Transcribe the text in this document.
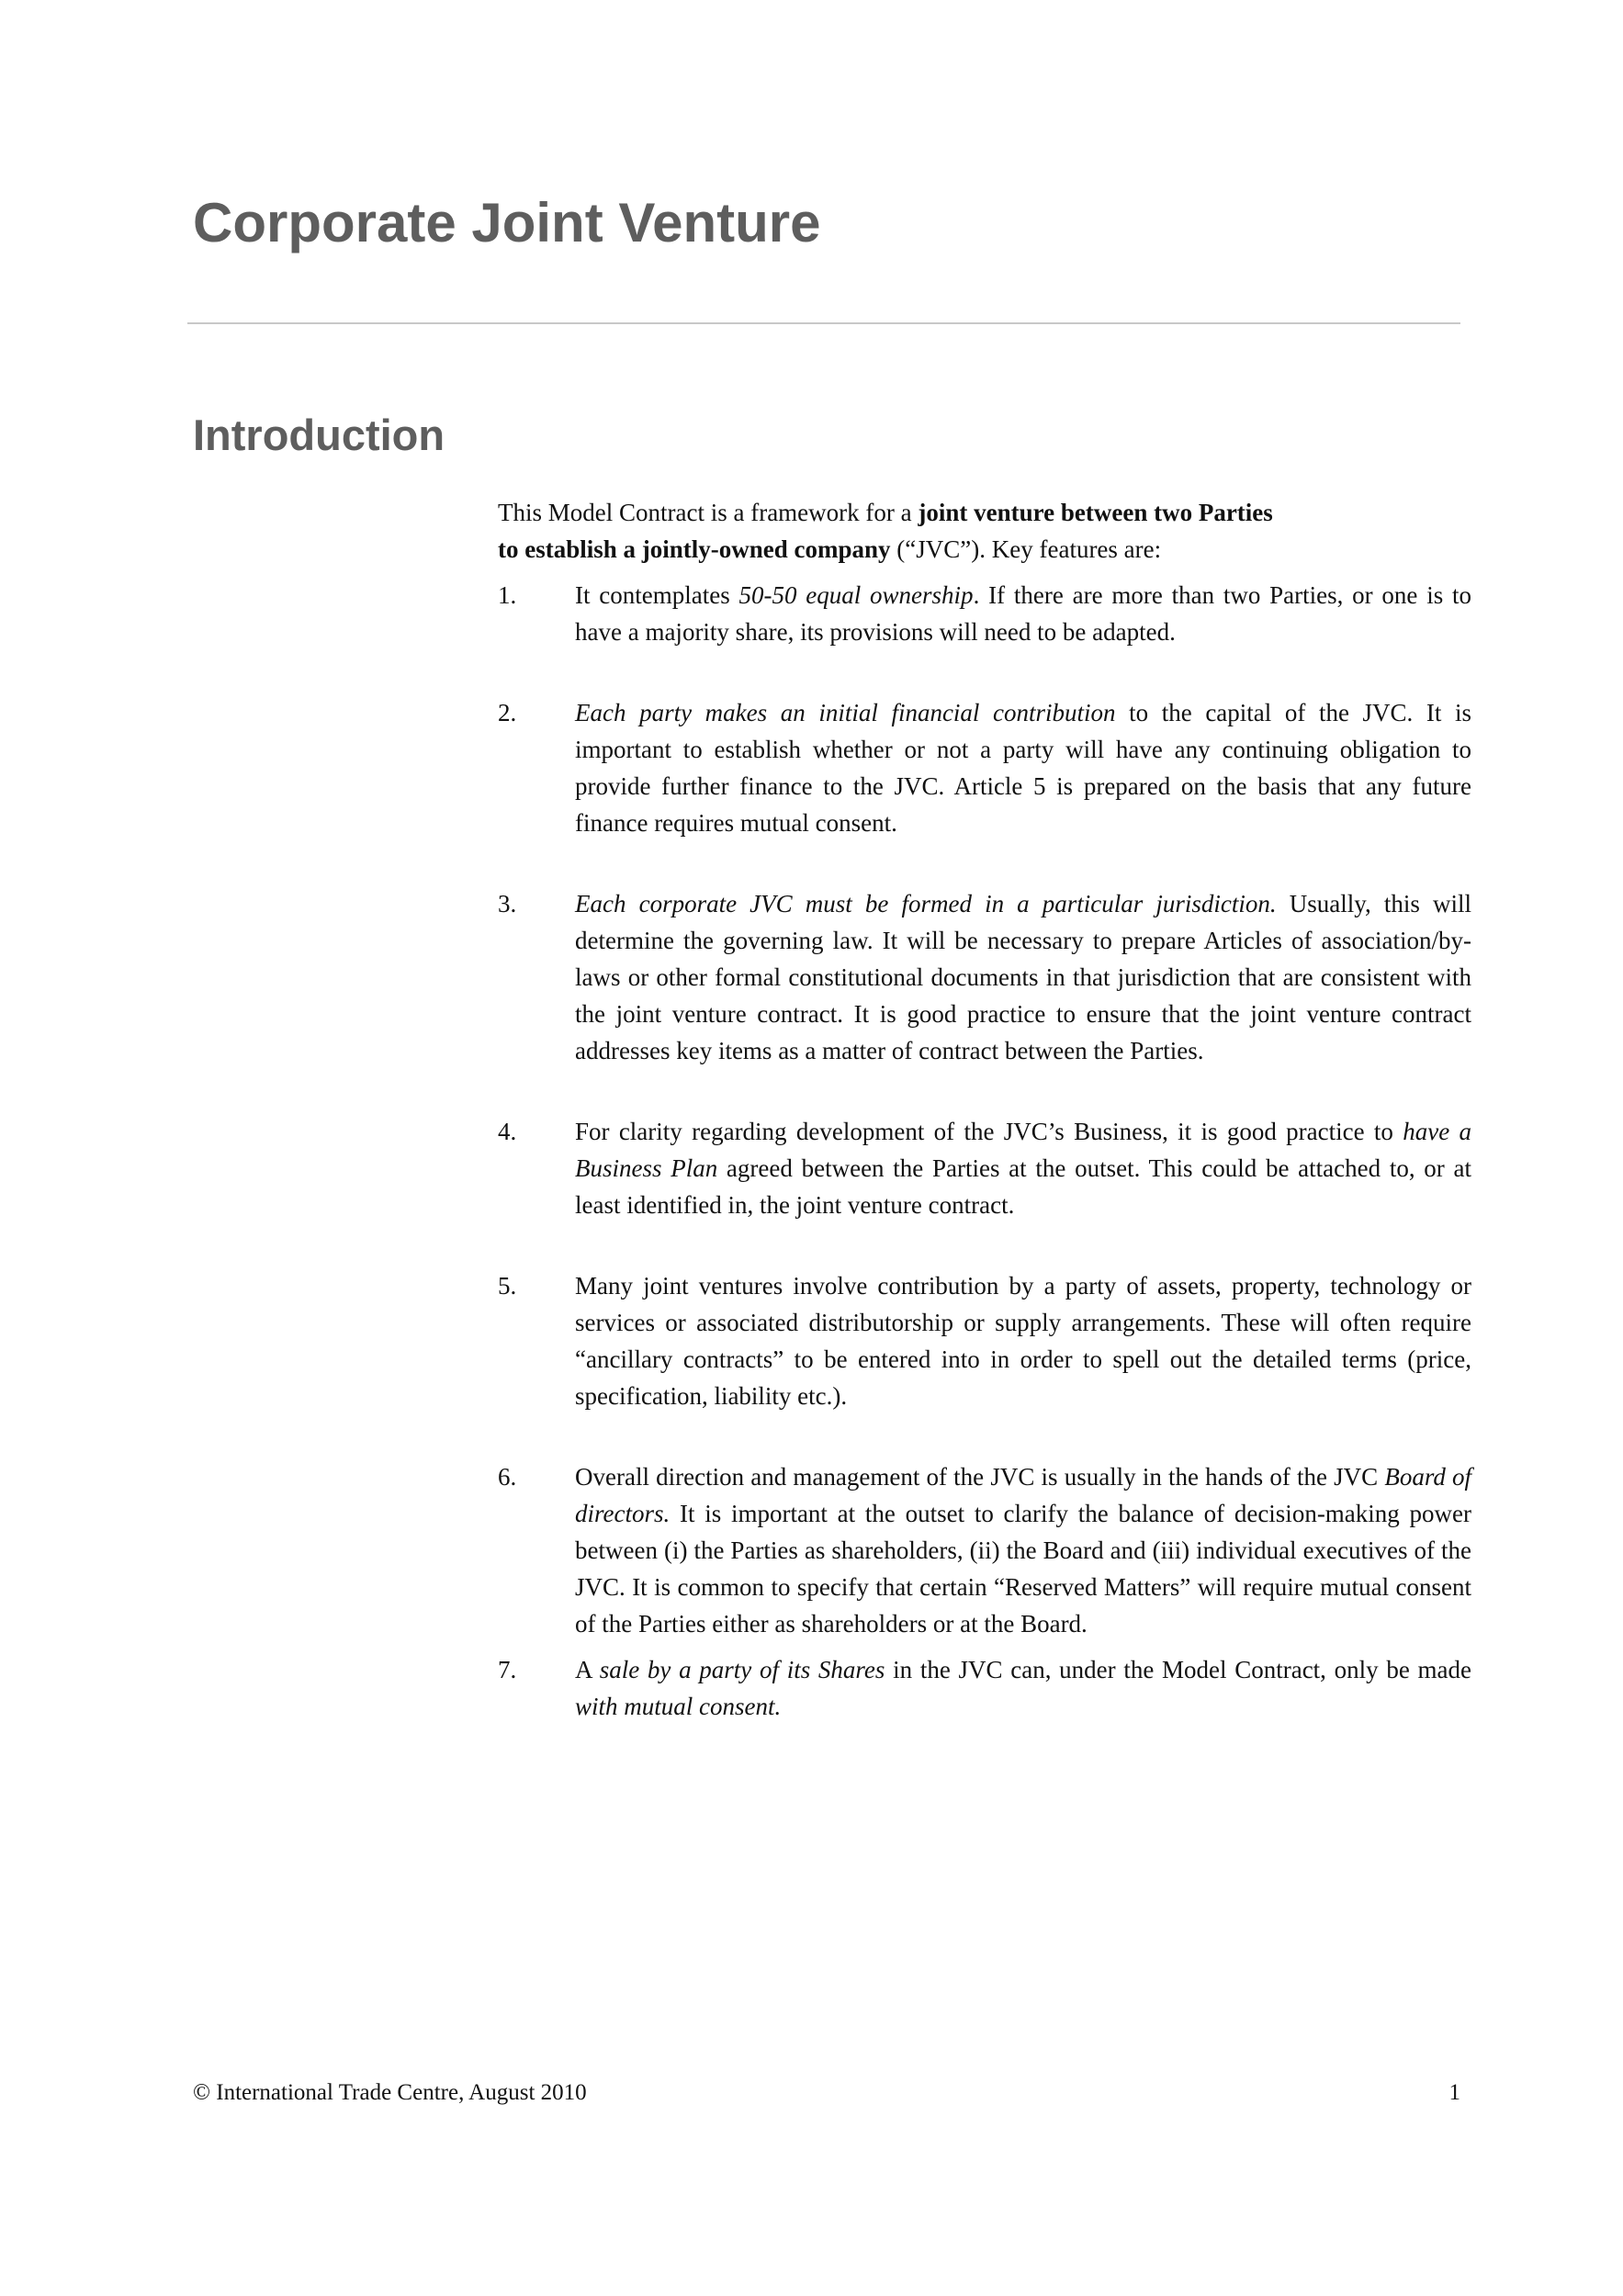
Corporate Joint Venture
Introduction

This Model Contract is a framework for a joint venture between two Parties

to establish a jointly-owned company (“JVC”). Key features are:

1. It contemplates 50-50 equal ownership. If there are more than two Parties, or one is to have a majority share, its provisions will need to be adapted.
2. Each party makes an initial financial contribution to the capital of the JVC. It is important to establish whether or not a party will have any continuing obligation to provide further finance to the JVC. Article 5 is prepared on the basis that any future finance requires mutual consent.
3. Each corporate JVC must be formed in a particular jurisdiction. Usually, this will determine the governing law. It will be necessary to prepare Articles of association/by-laws or other formal constitutional documents in that jurisdiction that are consistent with the joint venture contract. It is good practice to ensure that the joint venture contract addresses key items as a matter of contract between the Parties.
4. For clarity regarding development of the JVC’s Business, it is good practice to have a Business Plan agreed between the Parties at the outset. This could be attached to, or at least identified in, the joint venture contract.
5. Many joint ventures involve contribution by a party of assets, property, technology or services or associated distributorship or supply arrangements. These will often require “ancillary contracts” to be entered into in order to spell out the detailed terms (price, specification, liability etc.).
6. Overall direction and management of the JVC is usually in the hands of the JVC Board of directors. It is important at the outset to clarify the balance of decision-making power between (i) the Parties as shareholders, (ii) the Board and (iii) individual executives of the JVC. It is common to specify that certain “Reserved Matters” will require mutual consent of the Parties either as shareholders or at the Board.
7. A sale by a party of its Shares in the JVC can, under the Model Contract, only be made with mutual consent.
© International Trade Centre, August 2010	1
